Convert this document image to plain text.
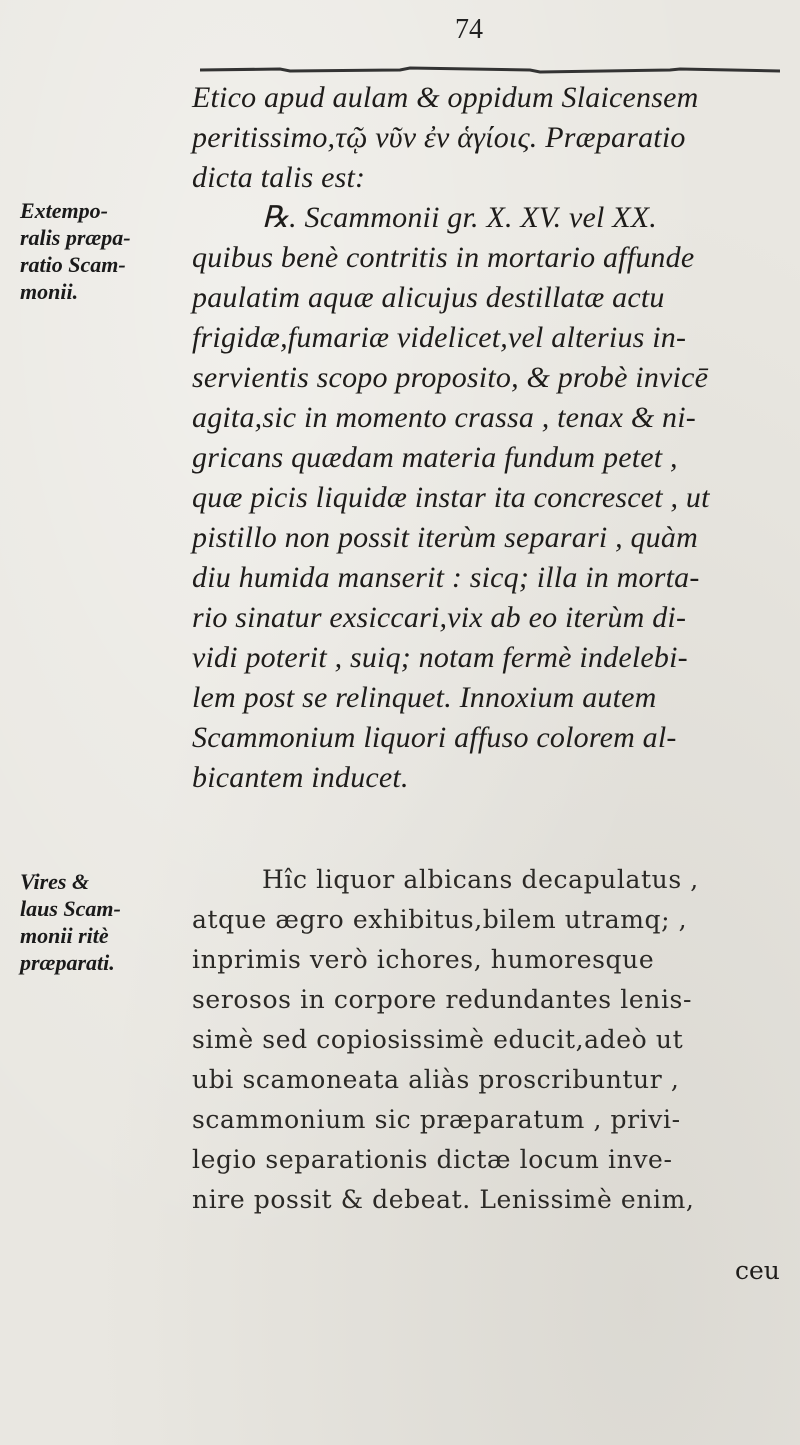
74
Extempo-
ralis præpa-
ratio Scam-
monii.
Vires &
laus Scam-
monii ritè
præparati.
Etico apud aulam & oppidum Slaicensem
peritissimo,τῷ νῦν ἐν ἁγίοις. Præparatio
dicta talis est:
℞. Scammonii gr. X. XV. vel XX.
quibus benè contritis in mortario affunde
paulatim aquæ alicujus destillatæ actu
frigidæ,fumariæ videlicet,vel alterius in-
servientis scopo proposito, & probè invicē
agita,sic in momento crassa , tenax & ni-
gricans quædam materia fundum petet ,
quæ picis liquidæ instar ita concrescet , ut
pistillo non possit iterùm separari , quàm
diu humida manserit : sicq; illa in morta-
rio sinatur exsiccari,vix ab eo iterùm di-
vidi poterit , suiq; notam fermè indelebi-
lem post se relinquet. Innoxium autem
Scammonium liquori affuso colorem al-
bicantem inducet.
Hîc liquor albicans decapulatus ,
atque ægro exhibitus,bilem utramq; ,
inprimis verò ichores, humoresque
serosos in corpore redundantes lenis-
simè sed copiosissimè educit,adeò ut
ubi scamoneata aliàs proscribuntur ,
scammonium sic præparatum , privi-
legio separationis dictæ locum inve-
nire possit & debeat. Lenissimè enim,
ceu
